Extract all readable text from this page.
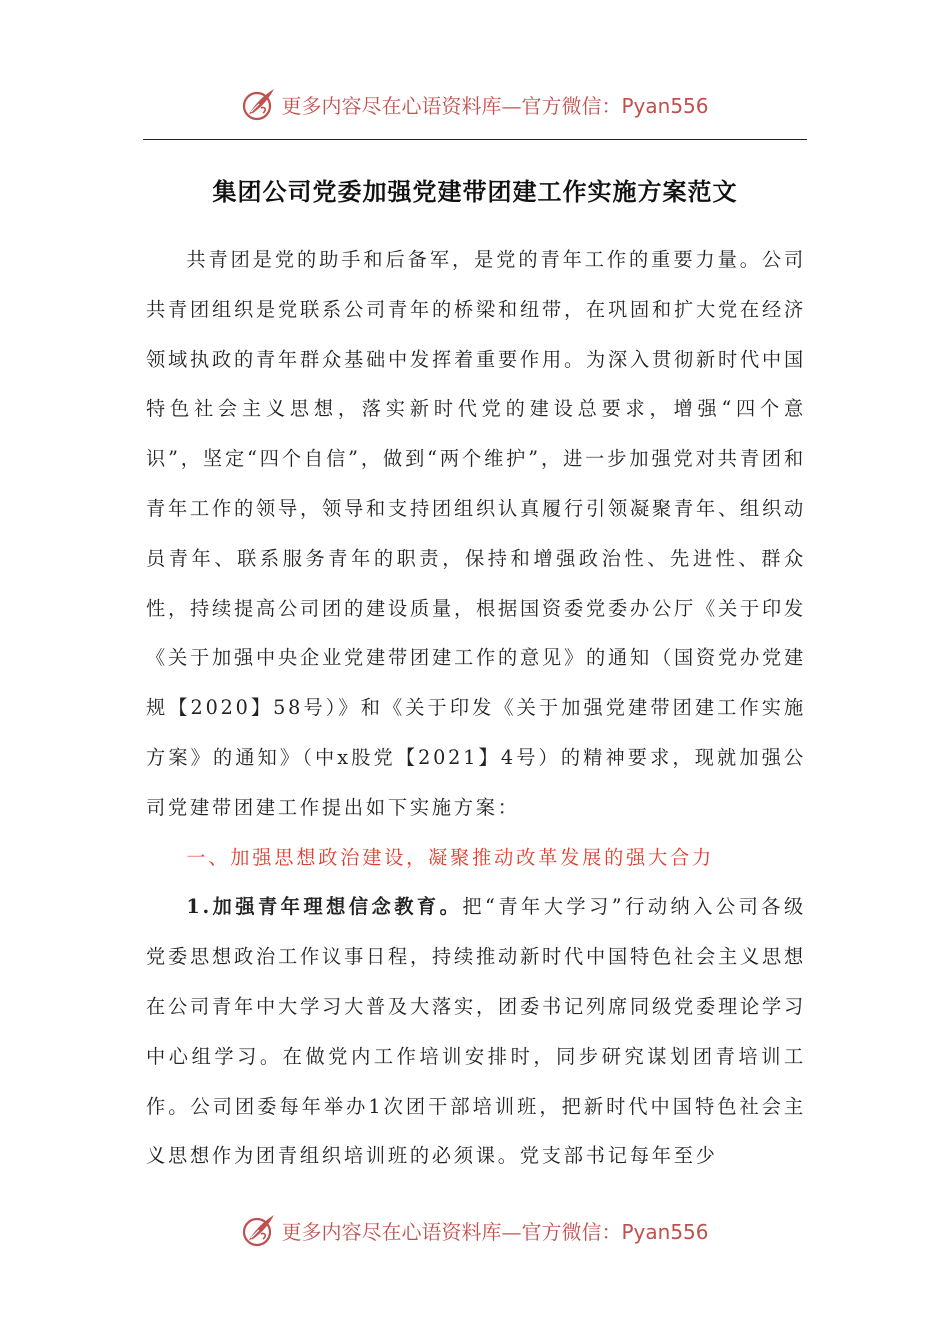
更多内容尽在心语资料库—官方微信：Pyan556
集团公司党委加强党建带团建工作实施方案范文

共青团是党的助手和后备军，是党的青年工作的重要力量。公司共青团组织是党联系公司青年的桥梁和纽带，在巩固和扩大党在经济领域执政的青年群众基础中发挥着重要作用。为深入贯彻新时代中国特色社会主义思想，落实新时代党的建设总要求，增强“四个意识”，坚定“四个自信”，做到“两个维护”，进一步加强党对共青团和青年工作的领导，领导和支持团组织认真履行引领凝聚青年、组织动员青年、联系服务青年的职责，保持和增强政治性、先进性、群众性，持续提高公司团的建设质量，根据国资委党委办公厅《关于印发《关于加强中央企业党建带团建工作的意见》的通知（国资党办党建规【2020】58号）》和《关于印发《关于加强党建带团建工作实施方案》的通知》（中x股党【2021】4号）的精神要求，现就加强公司党建带团建工作提出如下实施方案：

一、加强思想政治建设，凝聚推动改革发展的强大合力

1.加强青年理想信念教育。把“青年大学习”行动纳入公司各级党委思想政治工作议事日程，持续推动新时代中国特色社会主义思想在公司青年中大学习大普及大落实，团委书记列席同级党委理论学习中心组学习。在做党内工作培训安排时，同步研究谋划团青培训工作。公司团委每年举办1次团干部培训班，把新时代中国特色社会主义思想作为团青组织培训班的必须课。党支部书记每年至少

更多内容尽在心语资料库—官方微信：Pyan556
